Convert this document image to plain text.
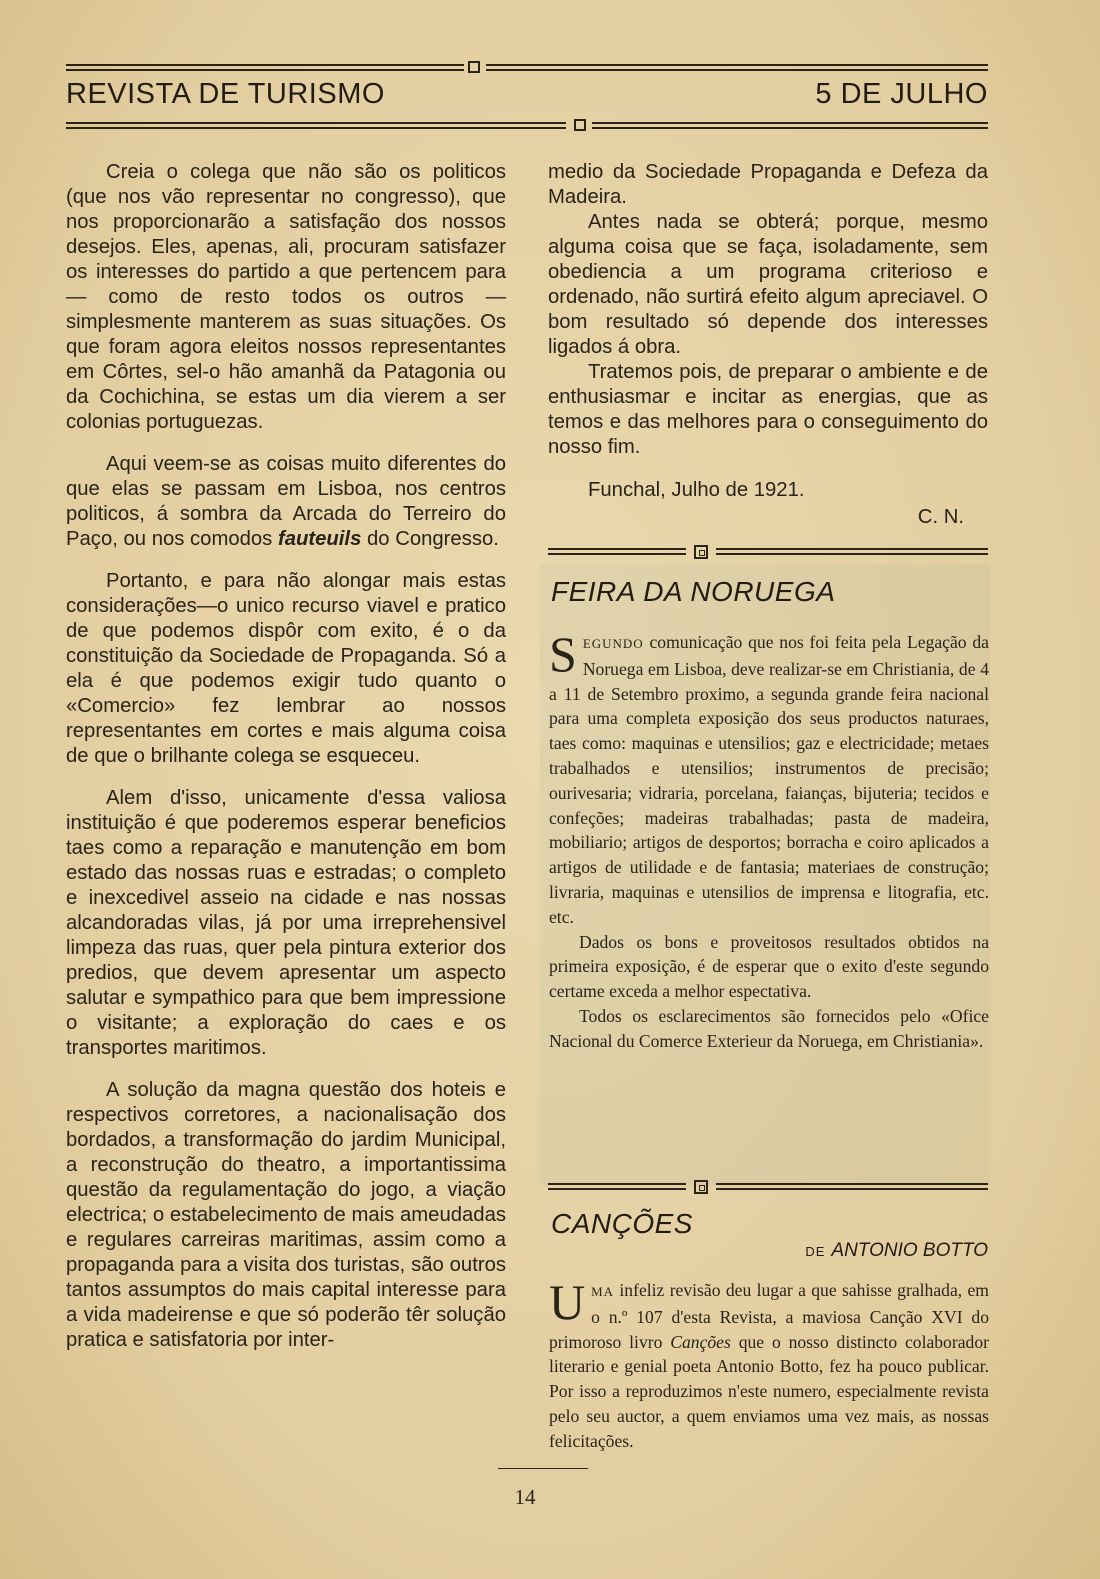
REVISTA DE TURISMO	5 DE JULHO

Creia o colega que não são os politicos (que nos vão representar no congresso), que nos proporcionarão a satisfação dos nossos desejos. Eles, apenas, ali, procuram satisfazer os interesses do partido a que pertencem para — como de resto todos os outros — simplesmente manterem as suas situações. Os que foram agora eleitos nossos representantes em Côrtes, sel-o hão amanhã da Patagonia ou da Cochichina, se estas um dia vierem a ser colonias portuguezas.

Aqui veem-se as coisas muito diferentes do que elas se passam em Lisboa, nos centros politicos, á sombra da Arcada do Terreiro do Paço, ou nos comodos fauteuils do Congresso.

Portanto, e para não alongar mais estas considerações—o unico recurso viavel e pratico de que podemos dispôr com exito, é o da constituição da Sociedade de Propaganda. Só a ela é que podemos exigir tudo quanto o «Comercio» fez lembrar ao nossos representantes em cortes e mais alguma coisa de que o brilhante colega se esqueceu.

Alem d'isso, unicamente d'essa valiosa instituição é que poderemos esperar beneficios taes como a reparação e manutenção em bom estado das nossas ruas e estradas; o completo e inexcedivel asseio na cidade e nas nossas alcandoradas vilas, já por uma irreprehensivel limpeza das ruas, quer pela pintura exterior dos predios, que devem apresentar um aspecto salutar e sympathico para que bem impressione o visitante; a exploração do caes e os transportes maritimos.

A solução da magna questão dos hoteis e respectivos corretores, a nacionalisação dos bordados, a transformação do jardim Municipal, a reconstrução do theatro, a importantissima questão da regulamentação do jogo, a viação electrica; o estabelecimento de mais ameudadas e regulares carreiras maritimas, assim como a propaganda para a visita dos turistas, são outros tantos assumptos do mais capital interesse para a vida madeirense e que só poderão têr solução pratica e satisfatoria por inter-

medio da Sociedade Propaganda e Defeza da Madeira.

Antes nada se obterá; porque, mesmo alguma coisa que se faça, isoladamente, sem obediencia a um programa criterioso e ordenado, não surtirá efeito algum apreciavel. O bom resultado só depende dos interesses ligados á obra.

Tratemos pois, de preparar o ambiente e de enthusiasmar e incitar as energias, que as temos e das melhores para o conseguimento do nosso fim.

Funchal, Julho de 1921.
C. N.
FEIRA DA NORUEGA

SEGUNDO comunicação que nos foi feita pela Legação da Noruega em Lisboa, deve realizar-se em Christiania, de 4 a 11 de Setembro proximo, a segunda grande feira nacional para uma completa exposição dos seus productos naturaes, taes como: maquinas e utensilios; gaz e electricidade; metaes trabalhados e utensilios; instrumentos de precisão; ourivesaria; vidraria, porcelana, faianças, bijuteria; tecidos e confeções; madeiras trabalhadas; pasta de madeira, mobiliario; artigos de desportos; borracha e coiro aplicados a artigos de utilidade e de fantasia; materiaes de construção; livraria, maquinas e utensilios de imprensa e litografia, etc. etc.

Dados os bons e proveitosos resultados obtidos na primeira exposição, é de esperar que o exito d'este segundo certame exceda a melhor espectativa.

Todos os esclarecimentos são fornecidos pelo «Ofice Nacional du Comerce Exterieur da Noruega, em Christiania».

CANÇÕES
DE ANTONIO BOTTO

UMA infeliz revisão deu lugar a que sahisse gralhada, em o n.º 107 d'esta Revista, a maviosa Canção XVI do primoroso livro Canções que o nosso distincto colaborador literario e genial poeta Antonio Botto, fez ha pouco publicar. Por isso a reproduzimos n'este numero, especialmente revista pelo seu auctor, a quem enviamos uma vez mais, as nossas felicitações.

14
